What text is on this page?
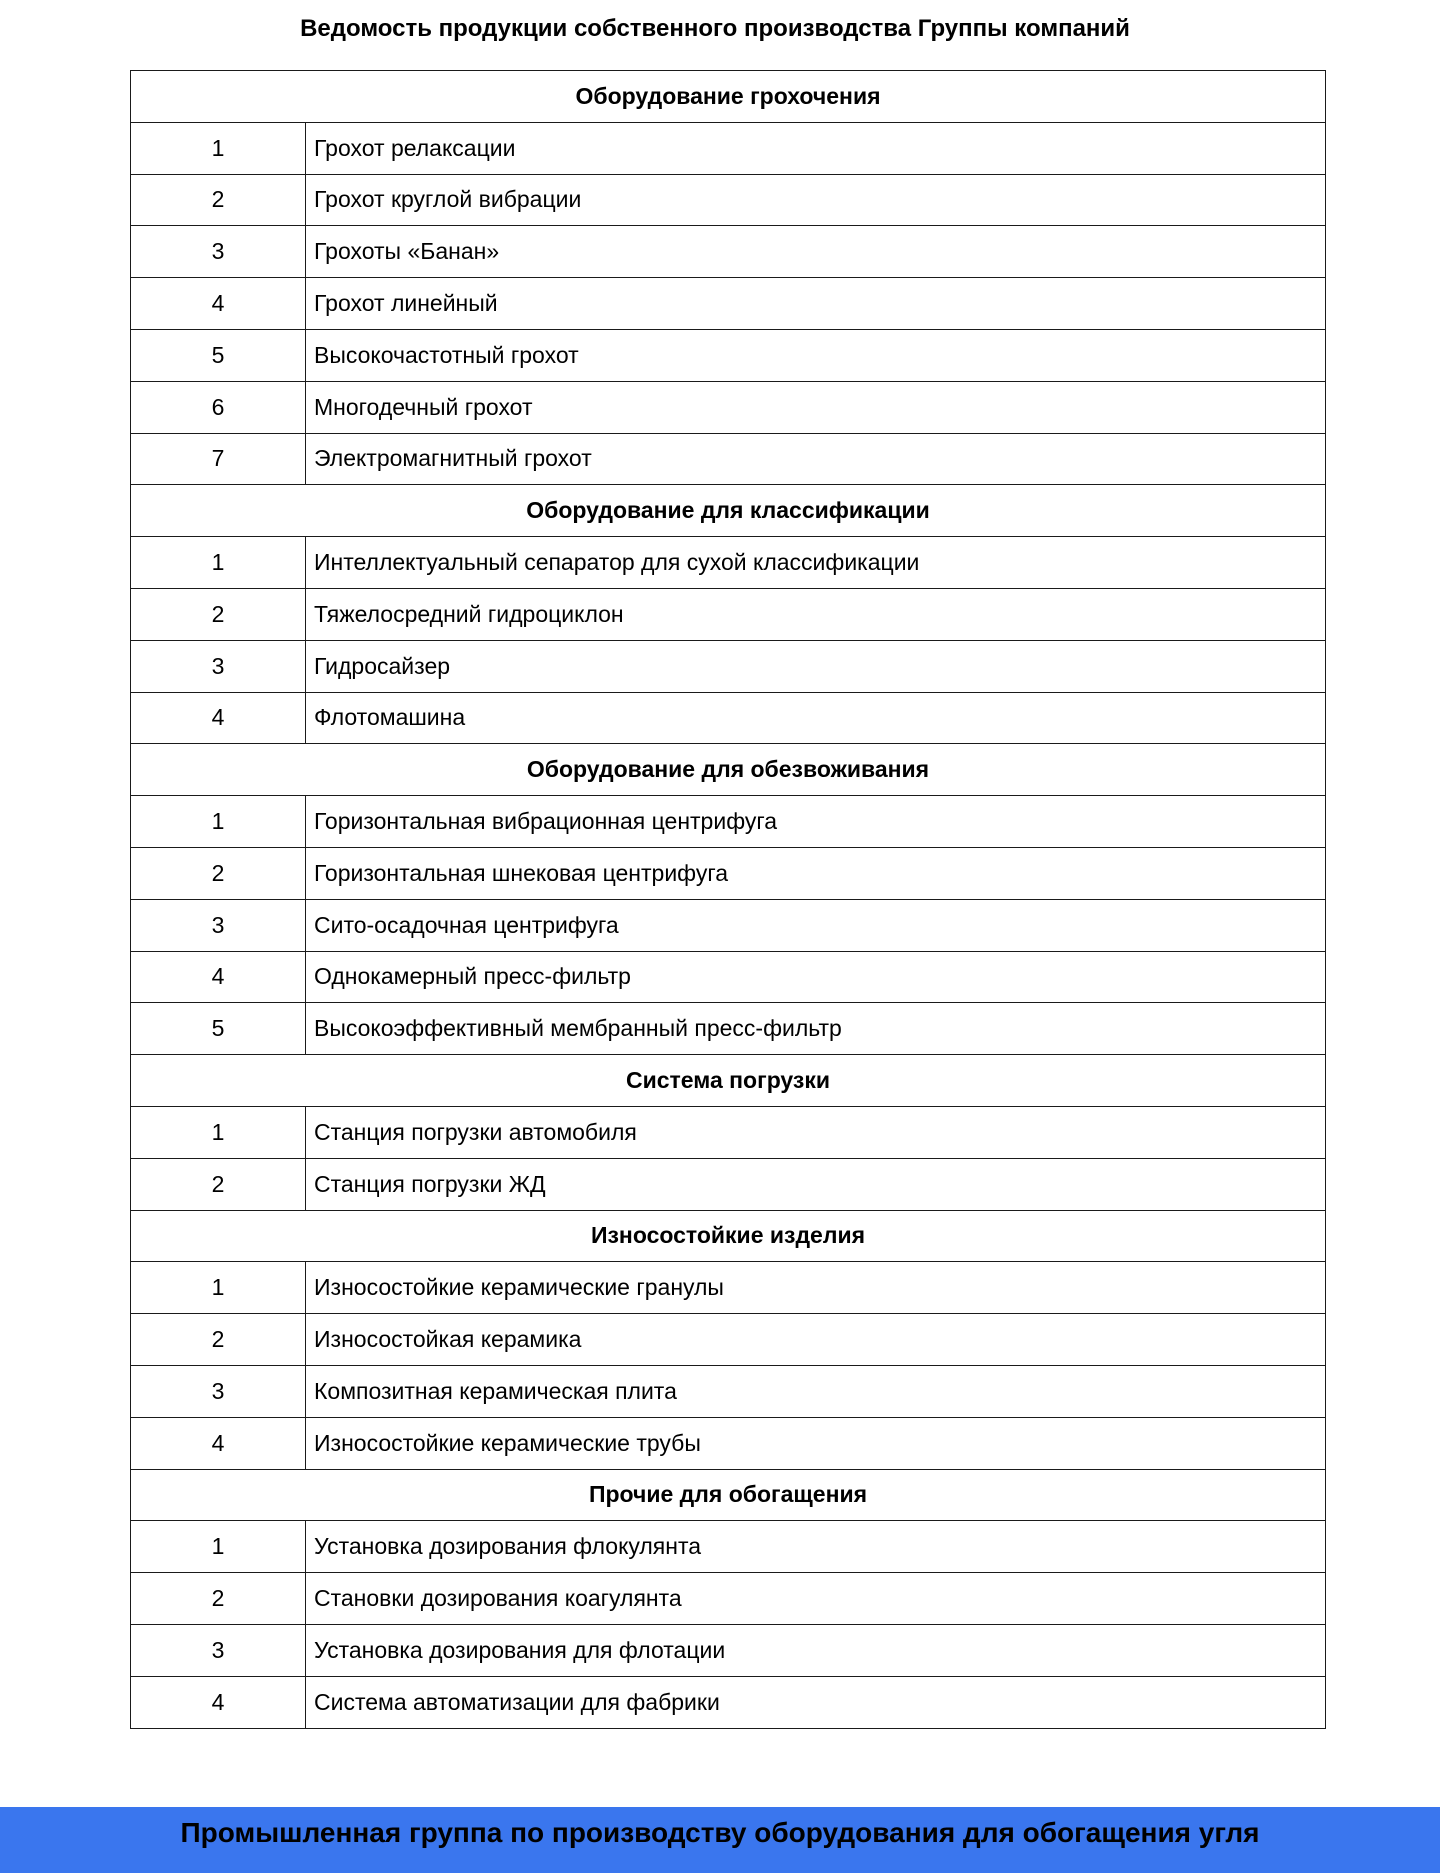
Ведомость продукции собственного производства Группы компаний
Оборудование грохочения	
1	Грохот релаксации
2	Грохот круглой вибрации
3	Грохоты «Банан»
4	Грохот линейный
5	Высокочастотный грохот
6	Многодечный грохот
7	Электромагнитный грохот
Оборудование для классификации	
1	Интеллектуальный сепаратор для сухой классификации
2	Тяжелосредний гидроциклон
3	Гидросайзер
4	Флотомашина
Оборудование для обезвоживания	
1	Горизонтальная вибрационная центрифуга
2	Горизонтальная шнековая центрифуга
3	Сито-осадочная центрифуга
4	Однокамерный пресс-фильтр
5	Высокоэффективный мембранный пресс-фильтр
Система погрузки	
1	Станция погрузки автомобиля
2	Станция погрузки ЖД
Износостойкие изделия	
1	Износостойкие керамические гранулы
2	Износостойкая керамика
3	Композитная керамическая плита
4	Износостойкие керамические трубы
Прочие для обогащения	
1	Установка дозирования флокулянта
2	Становки дозирования коагулянта
3	Установка дозирования для флотации
4	Система автоматизации для фабрики
Промышленная группа по производству оборудования для обогащения угля
